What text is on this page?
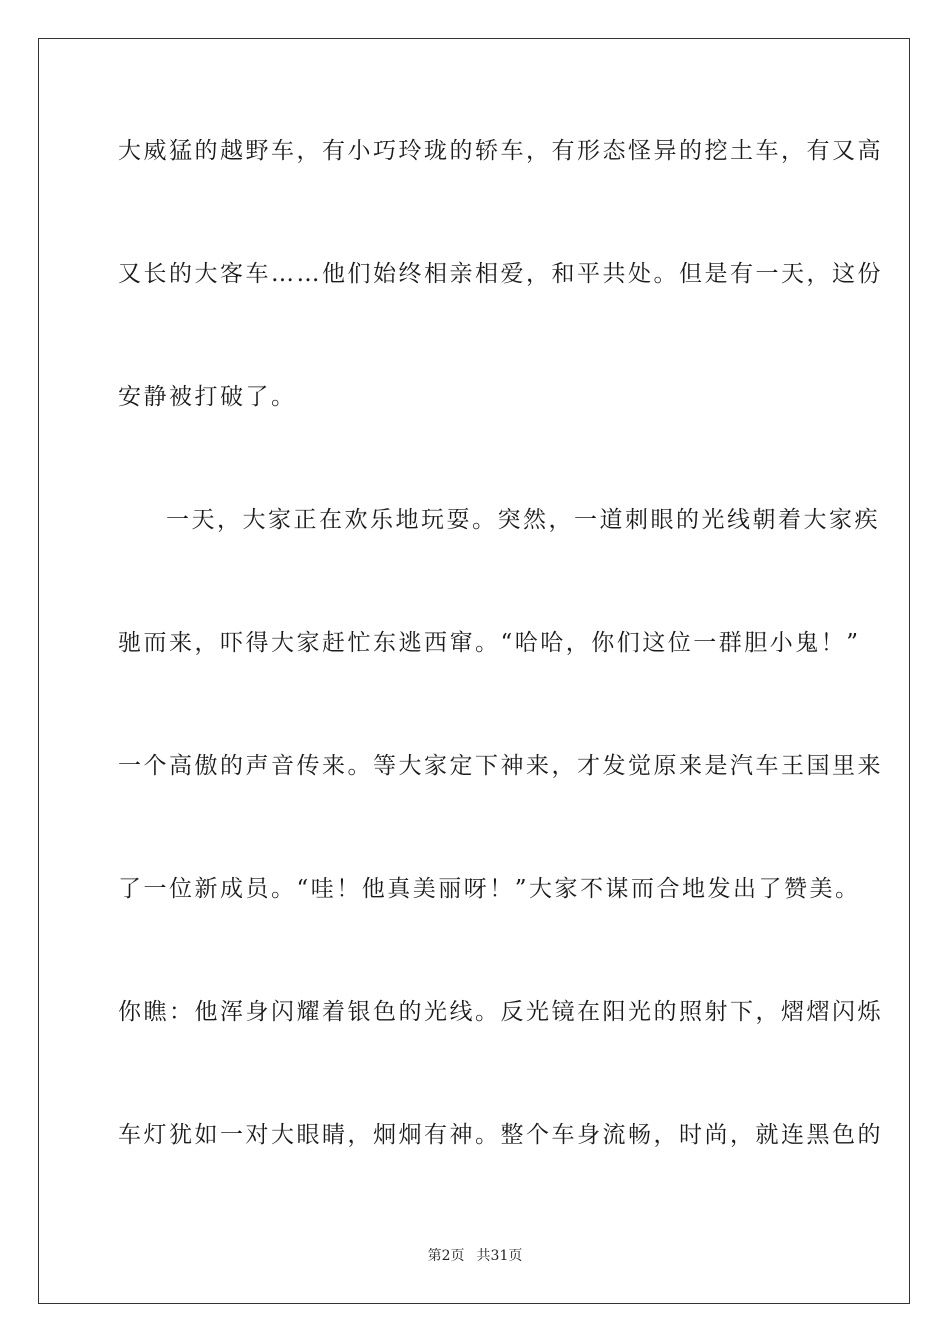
大威猛的越野车，有小巧玲珑的轿车，有形态怪异的挖土车，有又高
又长的大客车……他们始终相亲相爱，和平共处。但是有一天，这份
安静被打破了。
一天，大家正在欢乐地玩耍。突然，一道刺眼的光线朝着大家疾
驰而来，吓得大家赶忙东逃西窜。“哈哈，你们这位一群胆小鬼！”
一个高傲的声音传来。等大家定下神来，才发觉原来是汽车王国里来
了一位新成员。“哇！他真美丽呀！”大家不谋而合地发出了赞美。
你瞧：他浑身闪耀着银色的光线。反光镜在阳光的照射下，熠熠闪烁
车灯犹如一对大眼睛，炯炯有神。整个车身流畅，时尚，就连黑色的
第2页 共31页
